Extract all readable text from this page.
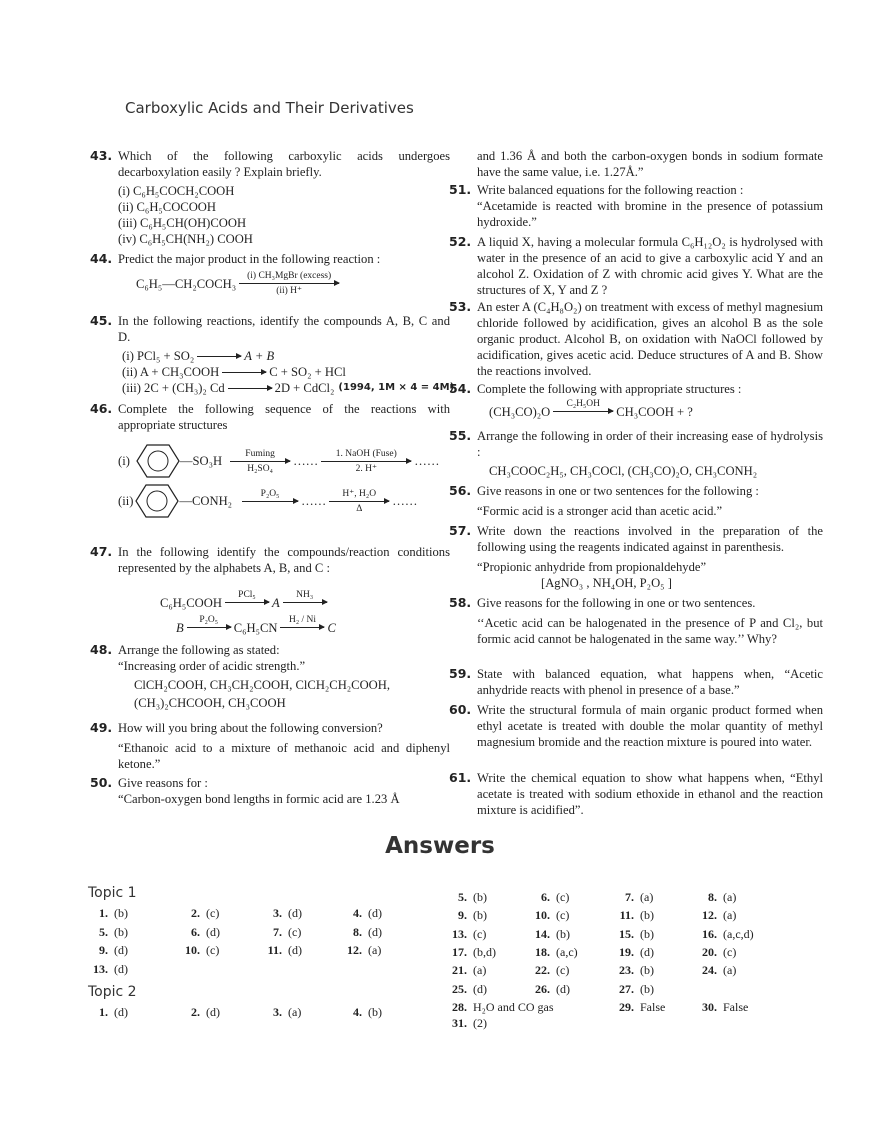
Carboxylic Acids and Their Derivatives
43. Which of the following carboxylic acids undergoes decarboxylation easily ? Explain briefly.
(i) C₆H₅COCH₂COOH
(ii) C₆H₅COCOOH
(iii) C₆H₅CH(OH)COOH
(iv) C₆H₅CH(NH₂) COOH
44. Predict the major product in the following reaction :
C₆H₅—CH₂COCH₃
(i) CH₃MgBr (excess)
(ii) H⁺
45. In the following reactions, identify the compounds A, B, C and D.
(i) PCl₅ + SO₂ → A + B
(ii) A + CH₃COOH → C + SO₂ + HCl
(iii) 2C + (CH₃)₂ Cd → 2D + CdCl₂ (1994, 1M × 4 = 4M)
46. Complete the following sequence of the reactions with appropriate structures
(i)	— SO₃H
Fuming
H₂SO₄
……
1. NaOH (Fuse)
2. H⁺
……
(ii)	— CONH₂
P₂O₅
……
H⁺, H₂O
Δ
……
47. In the following identify the compounds/reaction conditions represented by the alphabets A, B, and C :
C₆H₅COOH
PCl₅
A
NH₃
B
P₂O₅
C₆H₅CN
H₂ / Ni
C
48. Arrange the following as stated:
“Increasing order of acidic strength.”
ClCH₂COOH, CH₃CH₂COOH, ClCH₂CH₂COOH,
(CH₃)₂CHCOOH, CH₃COOH
49. How will you bring about the following conversion?
“Ethanoic acid to a mixture of methanoic acid and diphenyl ketone.”
50. Give reasons for :
“Carbon-oxygen bond lengths in formic acid are 1.23 Å
and 1.36 Å and both the carbon-oxygen bonds in sodium formate have the same value, i.e. 1.27Å.”
51. Write balanced equations for the following reaction :
“Acetamide is reacted with bromine in the presence of potassium hydroxide.”
52. A liquid X, having a molecular formula C₆H₁₂O₂ is hydrolysed with water in the presence of an acid to give a carboxylic acid Y and an alcohol Z. Oxidation of Z with chromic acid gives Y. What are the structures of X, Y and Z ?
53. An ester A (C₄H₈O₂) on treatment with excess of methyl magnesium chloride followed by acidification, gives an alcohol B as the sole organic product. Alcohol B, on oxidation with NaOCl followed by acidification, gives acetic acid. Deduce structures of A and B. Show the reactions involved.
54. Complete the following with appropriate structures :
(CH₃CO)₂O
C₂H₅OH
CH₃COOH + ?
55. Arrange the following in order of their increasing ease of hydrolysis :
CH₃COOC₂H₅, CH₃COCl, (CH₃CO)₂O, CH₃CONH₂
56. Give reasons in one or two sentences for the following :
“Formic acid is a stronger acid than acetic acid.”
57. Write down the reactions involved in the preparation of the following using the reagents indicated against in parenthesis.
“Propionic anhydride from propionaldehyde”
[AgNO₃ , NH₄OH, P₂O₅ ]
58. Give reasons for the following in one or two sentences.
‘‘Acetic acid can be halogenated in the presence of P and Cl₂, but formic acid cannot be halogenated in the same way.’’ Why?
59. State with balanced equation, what happens when, “Acetic anhydride reacts with phenol in presence of a base.”
60. Write the structural formula of main organic product formed when ethyl acetate is treated with double the molar quantity of methyl magnesium bromide and the reaction mixture is poured into water.
61. Write the chemical equation to show what happens when, “Ethyl acetate is treated with sodium ethoxide in ethanol and the reaction mixture is acidified”.
Answers
Topic 1
Topic 2
1. (b)	2. (c)	3. (d)	4. (d)
5. (b)	6. (d)	7. (c)	8. (d)
9. (d)	10. (c)	11. (d)	12. (a)
13. (d)
1. (d)	2. (d)	3. (a)	4. (b)
5. (b)	6. (c)	7. (a)	8. (a)
9. (b)	10. (c)	11. (b)	12. (a)
13. (c)	14. (b)	15. (b)	16. (a,c,d)
17. (b,d)	18. (a,c)	19. (d)	20. (c)
21. (a)	22. (c)	23. (b)	24. (a)
25. (d)	26. (d)	27. (b)
28. H₂O and CO gas	29. False	30. False
31. (2)
